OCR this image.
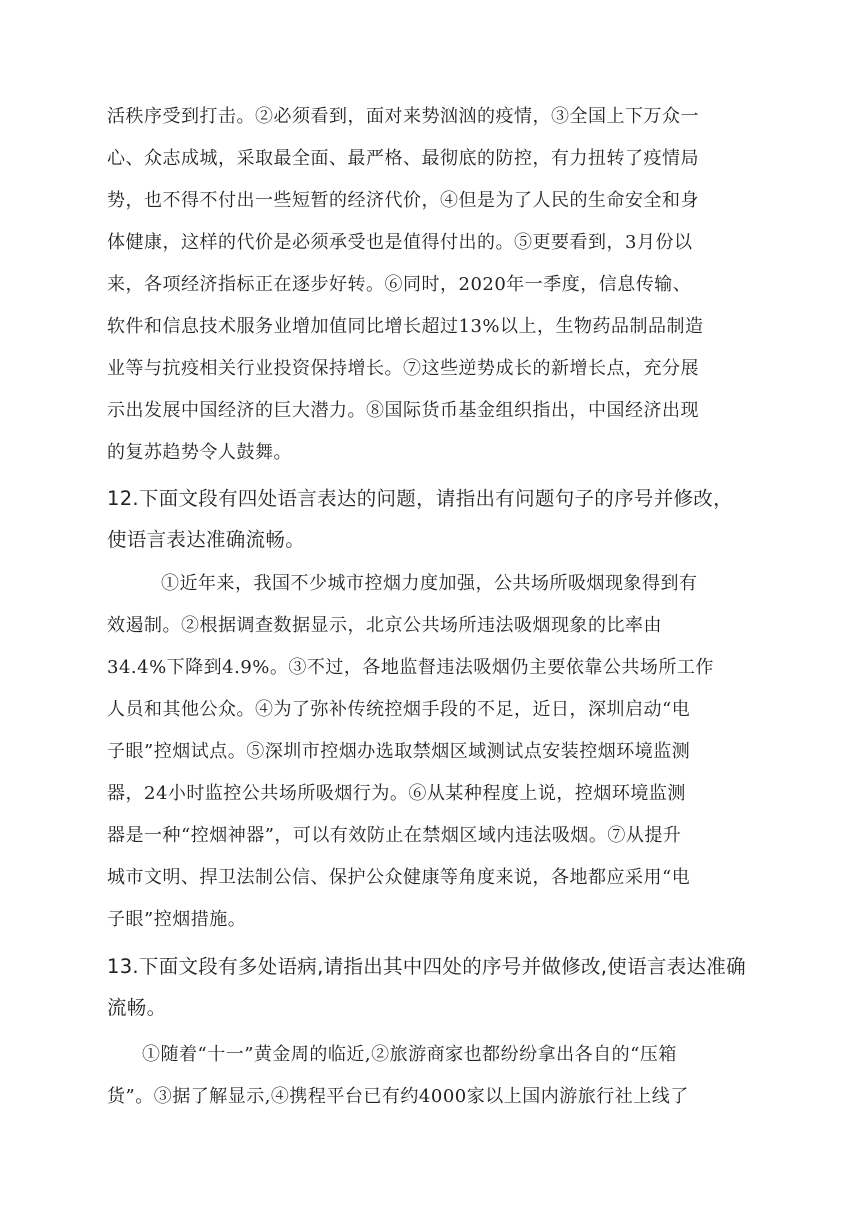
活秩序受到打击。②必须看到，面对来势汹汹的疫情，③全国上下万众一
心、众志成城，采取最全面、最严格、最彻底的防控，有力扭转了疫情局
势，也不得不付出一些短暂的经济代价，④但是为了人民的生命安全和身
体健康，这样的代价是必须承受也是值得付出的。⑤更要看到，3月份以
来，各项经济指标正在逐步好转。⑥同时，2020年一季度，信息传输、
软件和信息技术服务业增加值同比增长超过13%以上，生物药品制品制造
业等与抗疫相关行业投资保持增长。⑦这些逆势成长的新增长点，充分展
示出发展中国经济的巨大潜力。⑧国际货币基金组织指出，中国经济出现
的复苏趋势令人鼓舞。
12.下面文段有四处语言表达的问题，请指出有问题句子的序号并修改，
使语言表达准确流畅。
①近年来，我国不少城市控烟力度加强，公共场所吸烟现象得到有
效遏制。②根据调查数据显示，北京公共场所违法吸烟现象的比率由
34.4%下降到4.9%。③不过，各地监督违法吸烟仍主要依靠公共场所工作
人员和其他公众。④为了弥补传统控烟手段的不足，近日，深圳启动“电
子眼”控烟试点。⑤深圳市控烟办选取禁烟区域测试点安装控烟环境监测
器，24小时监控公共场所吸烟行为。⑥从某种程度上说，控烟环境监测
器是一种“控烟神器”，可以有效防止在禁烟区域内违法吸烟。⑦从提升
城市文明、捍卫法制公信、保护公众健康等角度来说，各地都应采用“电
子眼”控烟措施。
13.下面文段有多处语病,请指出其中四处的序号并做修改,使语言表达准确
流畅。
①随着“十一”黄金周的临近,②旅游商家也都纷纷拿出各自的“压箱
货”。③据了解显示,④携程平台已有约4000家以上国内游旅行社上线了
